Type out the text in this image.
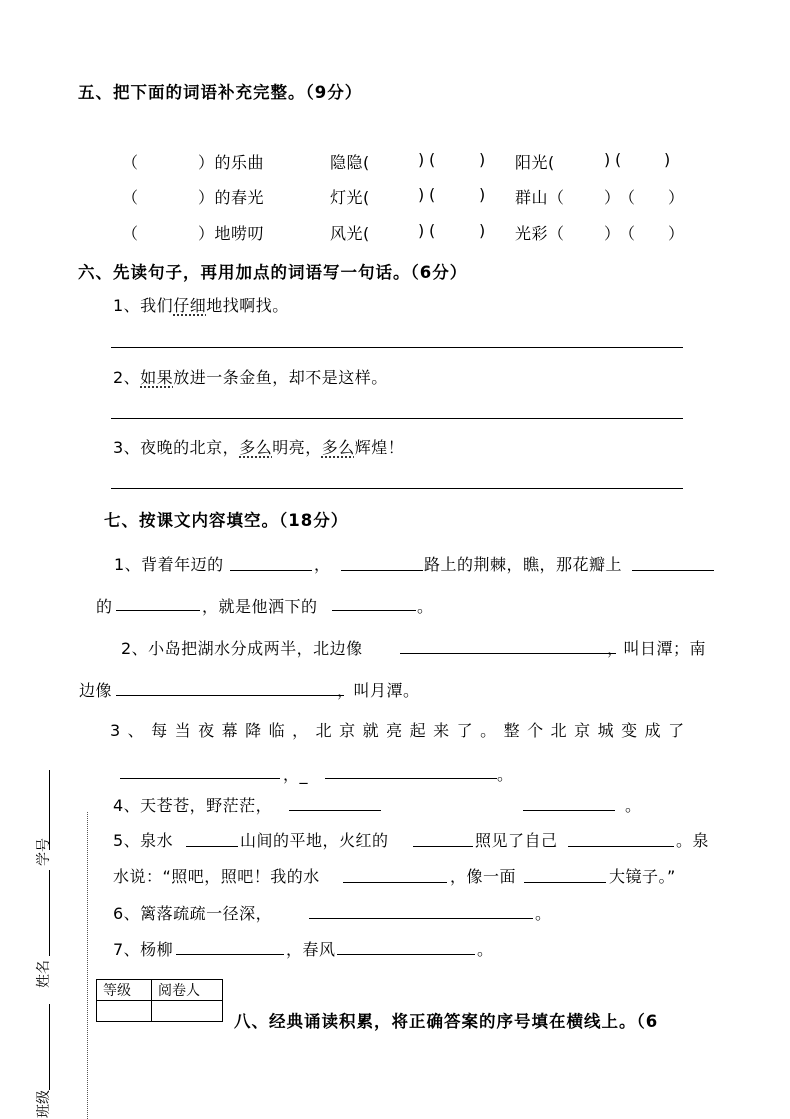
五、把下面的词语补充完整。（9分）
（	）的乐曲	隐隐(	) (	) 阳光(	) (	)
（	）的春光	灯光(	) (	) 群山（ ）
（ ）
（	）地唠叨	风光(	) (	) 光彩（ ）
（ ）
六、先读句子，再用加点的词语写一句话。（6分）
1、我们仔细地找啊找。
2、如果放进一条金鱼，却不是这样。
3、夜晚的北京，多么明亮，多么辉煌！
七、按课文内容填空。（18分）
1、背着年迈的	，	路上的荆棘，瞧，那花瓣上
的	，就是他洒下的	。
2、小岛把湖水分成两半，北边像	，叫日潭；南
边像	，叫月潭。
3、每当夜幕降临，北京就亮起来了。整个北京城变成了
，_	。
4、天苍苍，野茫茫，	。
5、泉水	山间的平地，火红的	照见了自己	。泉
水说：“照吧，照吧！我的水	，像一面	大镜子。”
6、篱落疏疏一径深，	。
7、杨柳	，春风	。
等级	阅卷人

八、经典诵读积累，将正确答案的序号填在横线上。（6
学号
姓名
班级
